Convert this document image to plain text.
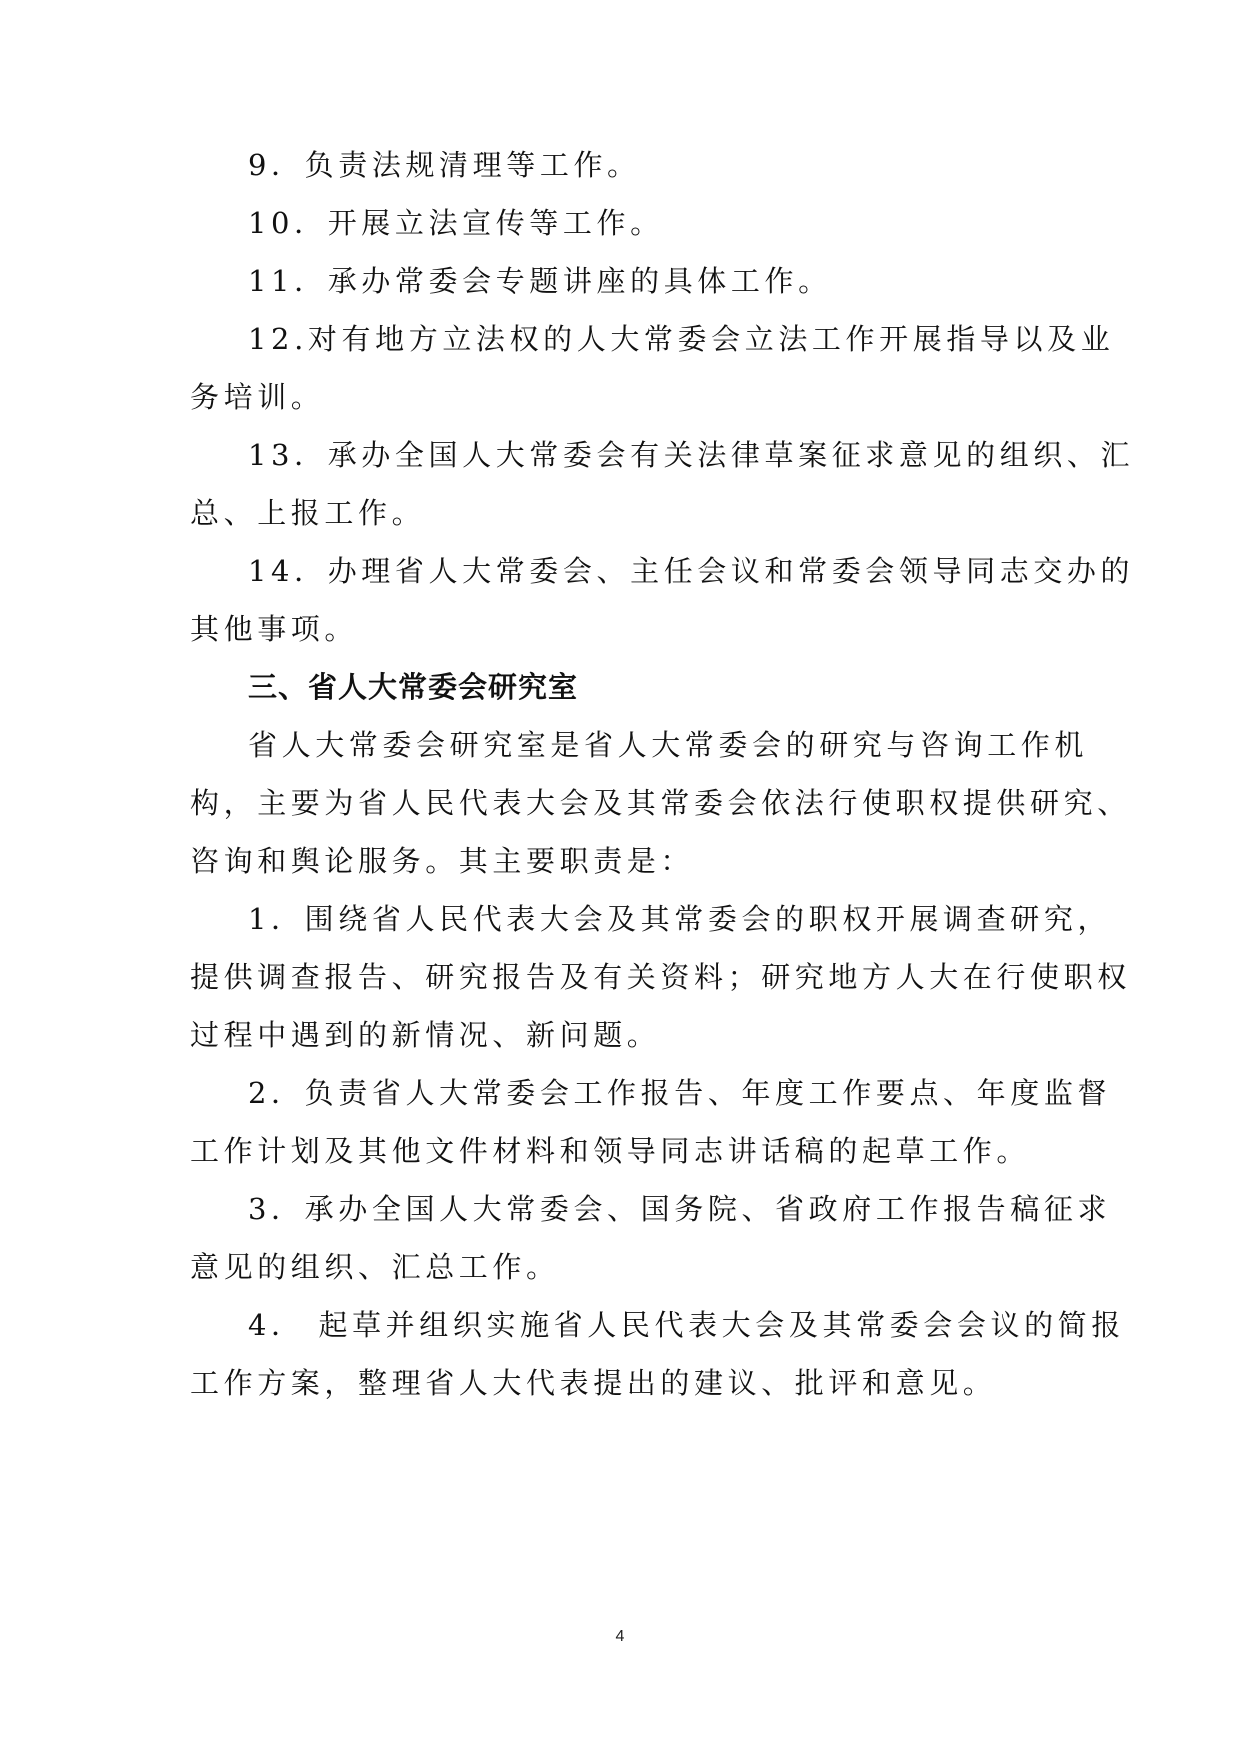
9．负责法规清理等工作。
10．开展立法宣传等工作。
11．承办常委会专题讲座的具体工作。
12.对有地方立法权的人大常委会立法工作开展指导以及业
务培训。
13．承办全国人大常委会有关法律草案征求意见的组织、汇
总、上报工作。
14．办理省人大常委会、主任会议和常委会领导同志交办的
其他事项。
三、省人大常委会研究室
省人大常委会研究室是省人大常委会的研究与咨询工作机
构，主要为省人民代表大会及其常委会依法行使职权提供研究、
咨询和舆论服务。其主要职责是：
1．围绕省人民代表大会及其常委会的职权开展调查研究，
提供调查报告、研究报告及有关资料；研究地方人大在行使职权
过程中遇到的新情况、新问题。
2．负责省人大常委会工作报告、年度工作要点、年度监督
工作计划及其他文件材料和领导同志讲话稿的起草工作。
3．承办全国人大常委会、国务院、省政府工作报告稿征求
意见的组织、汇总工作。
4． 起草并组织实施省人民代表大会及其常委会会议的简报
工作方案，整理省人大代表提出的建议、批评和意见。
4
